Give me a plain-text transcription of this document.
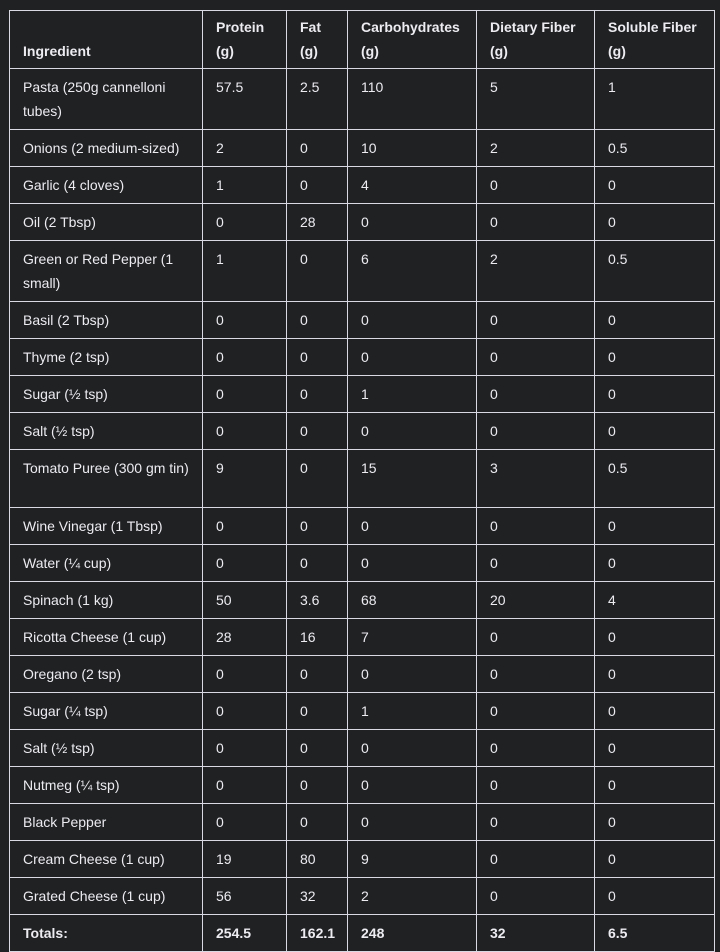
Ingredient	Protein (g)	Fat (g)	Carbohydrates (g)	Dietary Fiber (g)	Soluble Fiber (g)
Pasta (250g cannelloni tubes)	57.5	2.5	110	5	1
Onions (2 medium-sized)	2	0	10	2	0.5
Garlic (4 cloves)	1	0	4	0	0
Oil (2 Tbsp)	0	28	0	0	0
Green or Red Pepper (1 small)	1	0	6	2	0.5
Basil (2 Tbsp)	0	0	0	0	0
Thyme (2 tsp)	0	0	0	0	0
Sugar (½ tsp)	0	0	1	0	0
Salt (½ tsp)	0	0	0	0	0
Tomato Puree (300 gm tin)	9	0	15	3	0.5
Wine Vinegar (1 Tbsp)	0	0	0	0	0
Water (¼ cup)	0	0	0	0	0
Spinach (1 kg)	50	3.6	68	20	4
Ricotta Cheese (1 cup)	28	16	7	0	0
Oregano (2 tsp)	0	0	0	0	0
Sugar (¼ tsp)	0	0	1	0	0
Salt (½ tsp)	0	0	0	0	0
Nutmeg (¼ tsp)	0	0	0	0	0
Black Pepper	0	0	0	0	0
Cream Cheese (1 cup)	19	80	9	0	0
Grated Cheese (1 cup)	56	32	2	0	0
Totals:	254.5	162.1	248	32	6.5
